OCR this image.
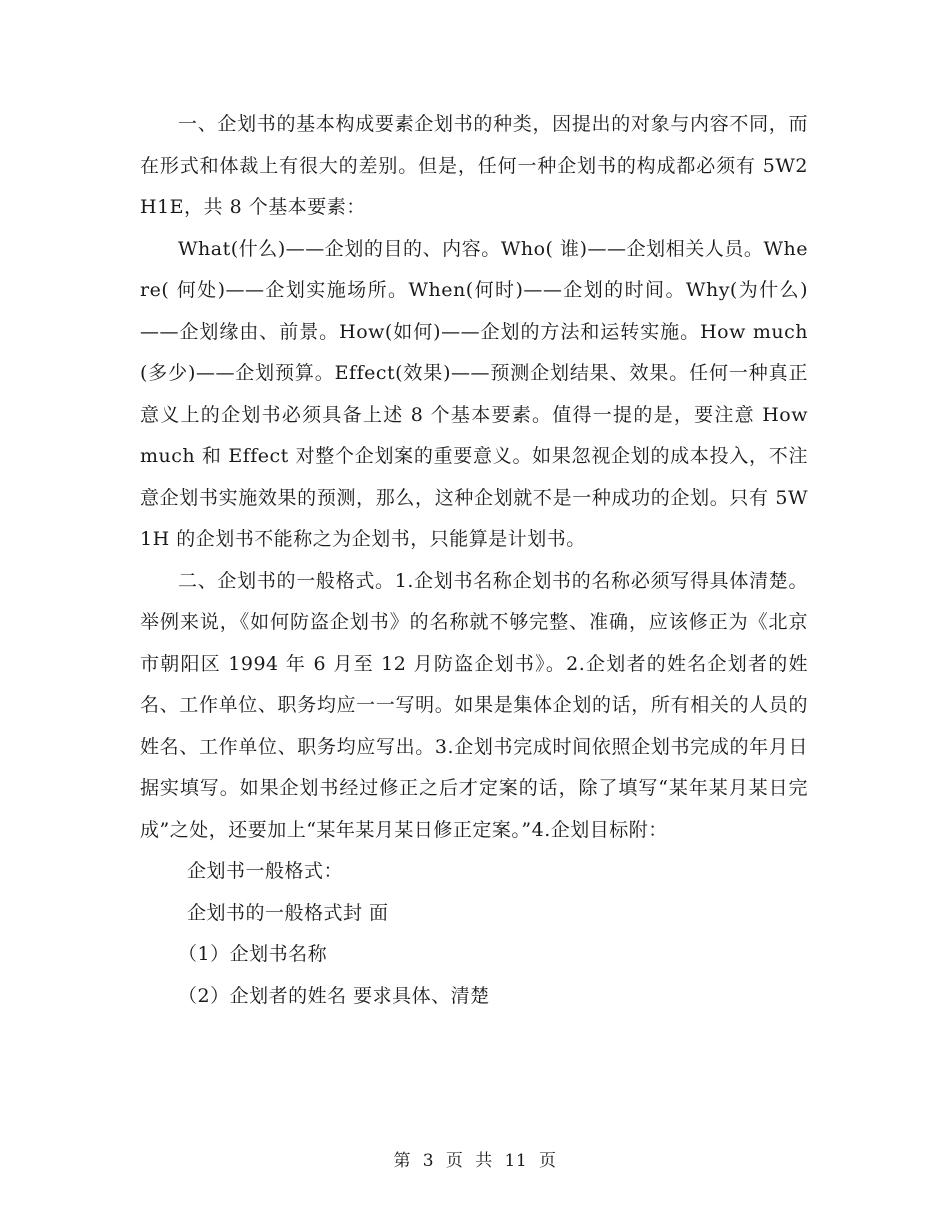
一、企划书的基本构成要素企划书的种类，因提出的对象与内容不同，而在形式和体裁上有很大的差别。但是，任何一种企划书的构成都必须有 5W2H1E，共 8 个基本要素：

What(什么)——企划的目的、内容。Who( 谁)——企划相关人员。Where( 何处)——企划实施场所。When(何时)——企划的时间。Why(为什么)——企划缘由、前景。How(如何)——企划的方法和运转实施。How much(多少)——企划预算。Effect(效果)——预测企划结果、效果。任何一种真正意义上的企划书必须具备上述 8 个基本要素。值得一提的是，要注意 How much 和 Effect 对整个企划案的重要意义。如果忽视企划的成本投入，不注意企划书实施效果的预测，那么，这种企划就不是一种成功的企划。只有 5W1H 的企划书不能称之为企划书，只能算是计划书。

二、企划书的一般格式。1.企划书名称企划书的名称必须写得具体清楚。举例来说，《如何防盗企划书》的名称就不够完整、准确，应该修正为《北京市朝阳区 1994 年 6 月至 12 月防盗企划书》。2.企划者的姓名企划者的姓名、工作单位、职务均应一一写明。如果是集体企划的话，所有相关的人员的姓名、工作单位、职务均应写出。3.企划书完成时间依照企划书完成的年月日据实填写。如果企划书经过修正之后才定案的话，除了填写“某年某月某日完成”之处，还要加上“某年某月某日修正定案。”4.企划目标附：

企划书一般格式：

企划书的一般格式封 面

（1）企划书名称

（2）企划者的姓名 要求具体、清楚

第  3  页  共  11  页
